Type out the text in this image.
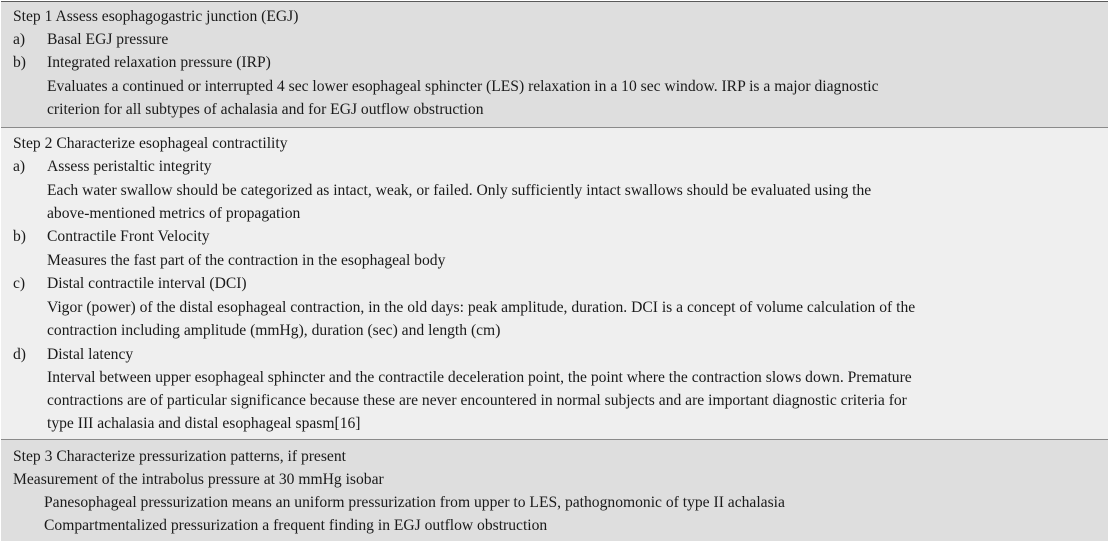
Step 1 Assess esophagogastric junction (EGJ)
a) Basal EGJ pressure
b) Integrated relaxation pressure (IRP)
Evaluates a continued or interrupted 4 sec lower esophageal sphincter (LES) relaxation in a 10 sec window. IRP is a major diagnostic
criterion for all subtypes of achalasia and for EGJ outflow obstruction
Step 2 Characterize esophageal contractility
a) Assess peristaltic integrity
Each water swallow should be categorized as intact, weak, or failed. Only sufficiently intact swallows should be evaluated using the
above-mentioned metrics of propagation
b) Contractile Front Velocity
Measures the fast part of the contraction in the esophageal body
c) Distal contractile interval (DCI)
Vigor (power) of the distal esophageal contraction, in the old days: peak amplitude, duration. DCI is a concept of volume calculation of the
contraction including amplitude (mmHg), duration (sec) and length (cm)
d) Distal latency
Interval between upper esophageal sphincter and the contractile deceleration point, the point where the contraction slows down. Premature
contractions are of particular significance because these are never encountered in normal subjects and are important diagnostic criteria for
type III achalasia and distal esophageal spasm[16]
Step 3 Characterize pressurization patterns, if present
Measurement of the intrabolus pressure at 30 mmHg isobar
Panesophageal pressurization means an uniform pressurization from upper to LES, pathognomonic of type II achalasia
Compartmentalized pressurization a frequent finding in EGJ outflow obstruction
